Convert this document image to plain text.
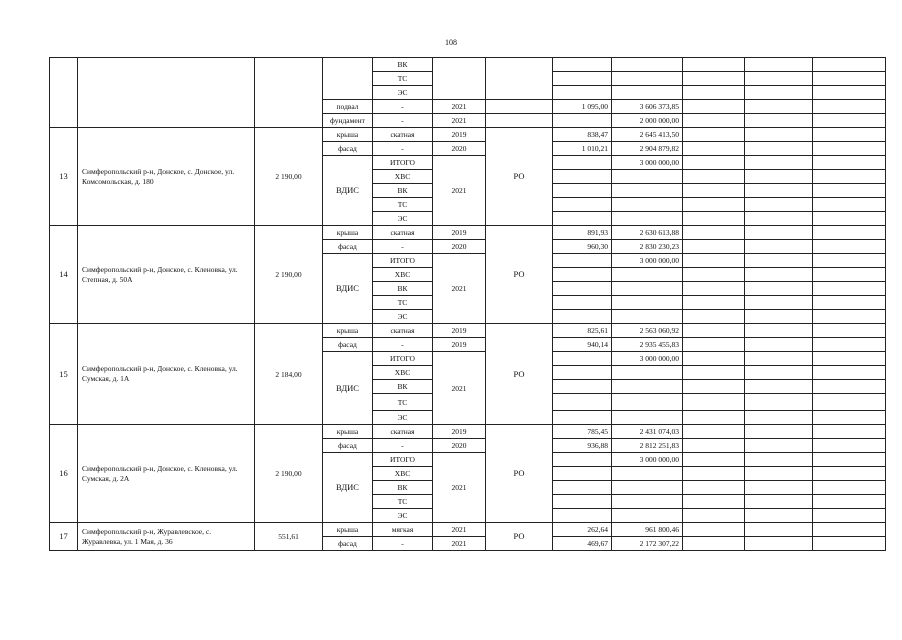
108
				ВК								
				ТС								
				ЭС								
			подвал	-	2021		1 095,00	3 606 373,85				
			фундамент	-	2021			2 000 000,00				
13	Симферопольский р-н, Донское, с. Донское, ул. Комсомольская, д. 180	2 190,00	крыша	скатная	2019	РО	838,47	2 645 413,50				
			фасад	-	2020		1 010,21	2 904 879,82				
			ВДИС	ИТОГО	2021			3 000 000,00				
				ХВС								
				ВК								
				ТС								
				ЭС								
14	Симферопольский р-н, Донское, с. Кленовка, ул. Степная, д. 50А	2 190,00	крыша	скатная	2019	РО	891,93	2 630 613,88				
			фасад	-	2020		960,30	2 830 230,23				
			ВДИС	ИТОГО	2021			3 000 000,00				
				ХВС								
				ВК								
				ТС								
				ЭС								
15	Симферопольский р-н, Донское, с. Кленовка, ул. Сумская, д. 1А	2 184,00	крыша	скатная	2019	РО	825,61	2 563 060,92				
			фасад	-	2019		940,14	2 935 455,83				
			ВДИС	ИТОГО	2021			3 000 000,00				
				ХВС								
				ВК								
				ТС								
				ЭС								
16	Симферопольский р-н, Донское, с. Кленовка, ул. Сумская, д. 2А	2 190,00	крыша	скатная	2019	РО	785,45	2 431 074,03				
			фасад	-	2020		936,88	2 812 251,83				
			ВДИС	ИТОГО	2021			3 000 000,00				
				ХВС								
				ВК								
				ТС								
				ЭС								
17	Симферопольский р-н, Журавлевское, с. Журавлевка, ул. 1 Мая, д. 36	551,61	крыша	мягкая	2021	РО	262,64	961 800,46				
			фасад	-	2021		469,67	2 172 307,22				
